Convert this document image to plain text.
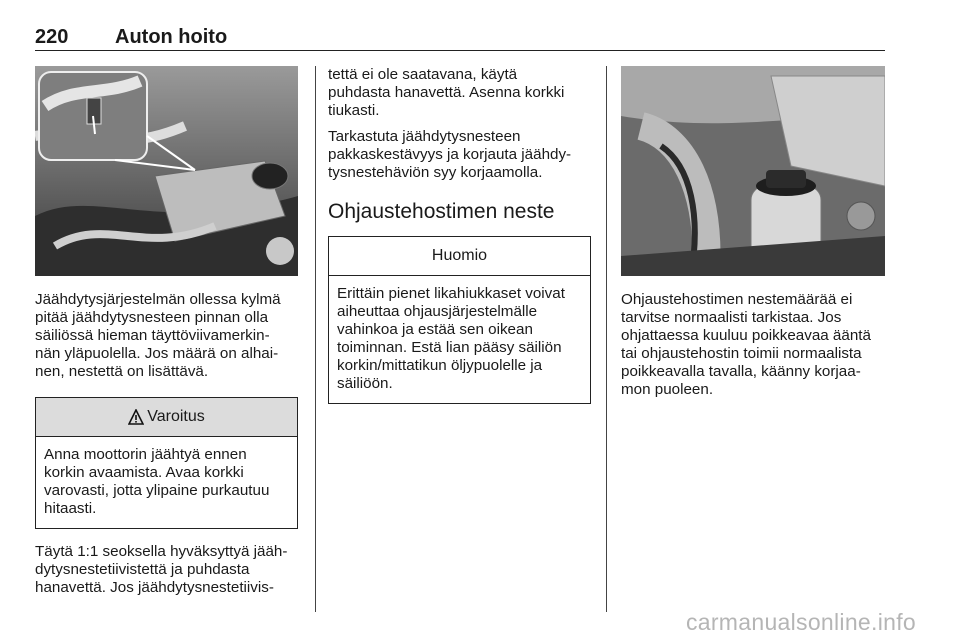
220 Auton hoito

Jäähdytysjärjestelmän ollessa kylmä
pitää jäähdytysnesteen pinnan olla
säiliössä hieman täyttöviivamerkin-
nän yläpuolella. Jos määrä on alhai-
nen, nestettä on lisättävä.

Varoitus
Anna moottorin jäähtyä ennen
korkin avaamista. Avaa korkki
varovasti, jotta ylipaine purkautuu
hitaasti.

Täytä 1:1 seoksella hyväksyttyä jääh-
dytysnestetiivistettä ja puhdasta
hanavettä. Jos jäähdytysnestetiivis-

tettä ei ole saatavana, käytä
puhdasta hanavettä. Asenna korkki
tiukasti.

Tarkastuta jäähdytysnesteen
pakkaskestävyys ja korjauta jäähdy-
tysnestehäviön syy korjaamolla.

Ohjaustehostimen neste
Huomio
Erittäin pienet likahiukkaset voivat
aiheuttaa ohjausjärjestelmälle
vahinkoa ja estää sen oikean
toiminnan. Estä lian pääsy säiliön
korkin/mittatikun öljypuolelle ja
säiliöön.

Ohjaustehostimen nestemäärää ei
tarvitse normaalisti tarkistaa. Jos
ohjattaessa kuuluu poikkeavaa ääntä
tai ohjaustehostin toimii normaalista
poikkeavalla tavalla, käänny korjaa-
mon puoleen.

carmanualsonline.info
